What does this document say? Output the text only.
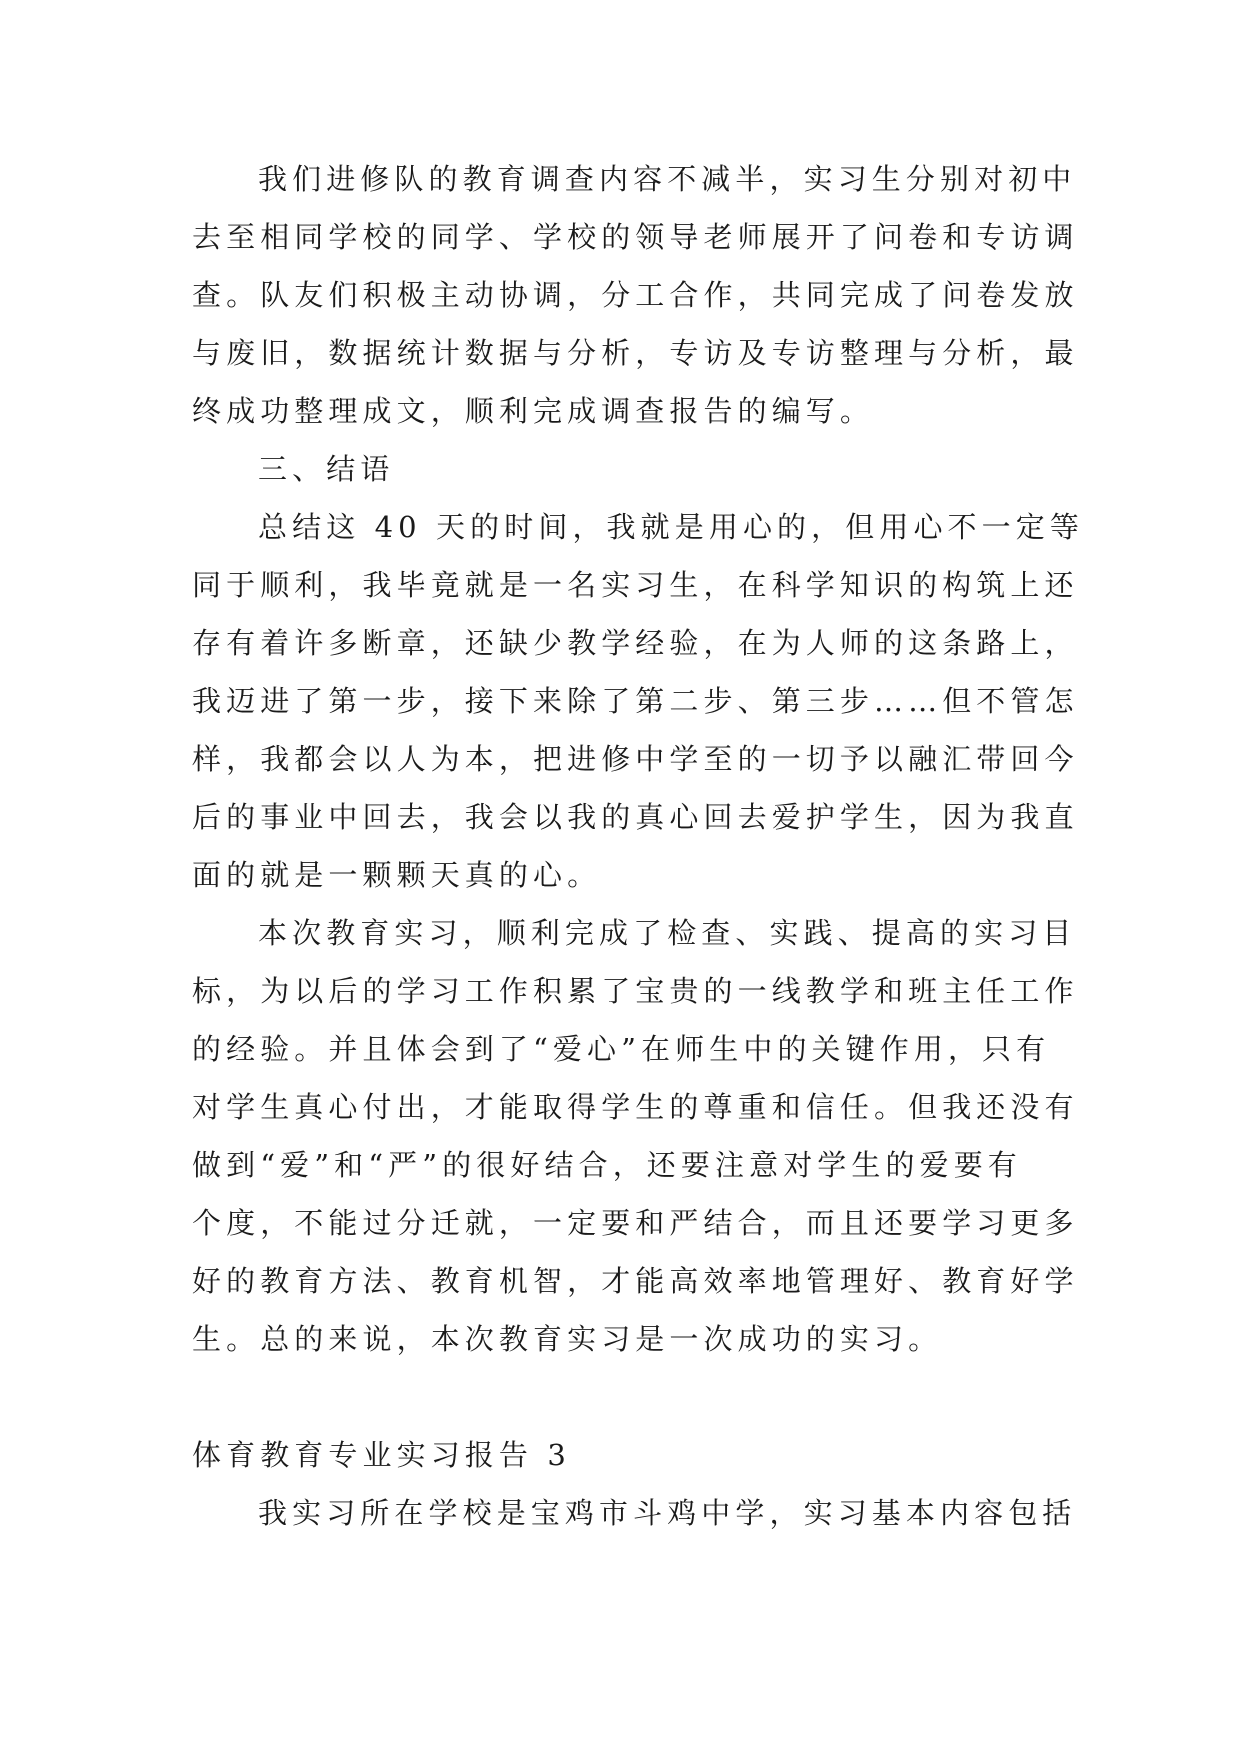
我们进修队的教育调查内容不减半，实习生分别对初中
去至相同学校的同学、学校的领导老师展开了问卷和专访调
查。队友们积极主动协调，分工合作，共同完成了问卷发放
与废旧，数据统计数据与分析，专访及专访整理与分析，最
终成功整理成文，顺利完成调查报告的编写。
三、结语
总结这 40 天的时间，我就是用心的，但用心不一定等
同于顺利，我毕竟就是一名实习生，在科学知识的构筑上还
存有着许多断章，还缺少教学经验，在为人师的这条路上，
我迈进了第一步，接下来除了第二步、第三步……但不管怎
样，我都会以人为本，把进修中学至的一切予以融汇带回今
后的事业中回去，我会以我的真心回去爱护学生，因为我直
面的就是一颗颗天真的心。
本次教育实习，顺利完成了检查、实践、提高的实习目
标，为以后的学习工作积累了宝贵的一线教学和班主任工作
的经验。并且体会到了“爱心”在师生中的关键作用，只有
对学生真心付出，才能取得学生的尊重和信任。但我还没有
做到“爱”和“严”的很好结合，还要注意对学生的爱要有
个度，不能过分迁就，一定要和严结合，而且还要学习更多
好的教育方法、教育机智，才能高效率地管理好、教育好学
生。总的来说，本次教育实习是一次成功的实习。
体育教育专业实习报告 3
我实习所在学校是宝鸡市斗鸡中学，实习基本内容包括
